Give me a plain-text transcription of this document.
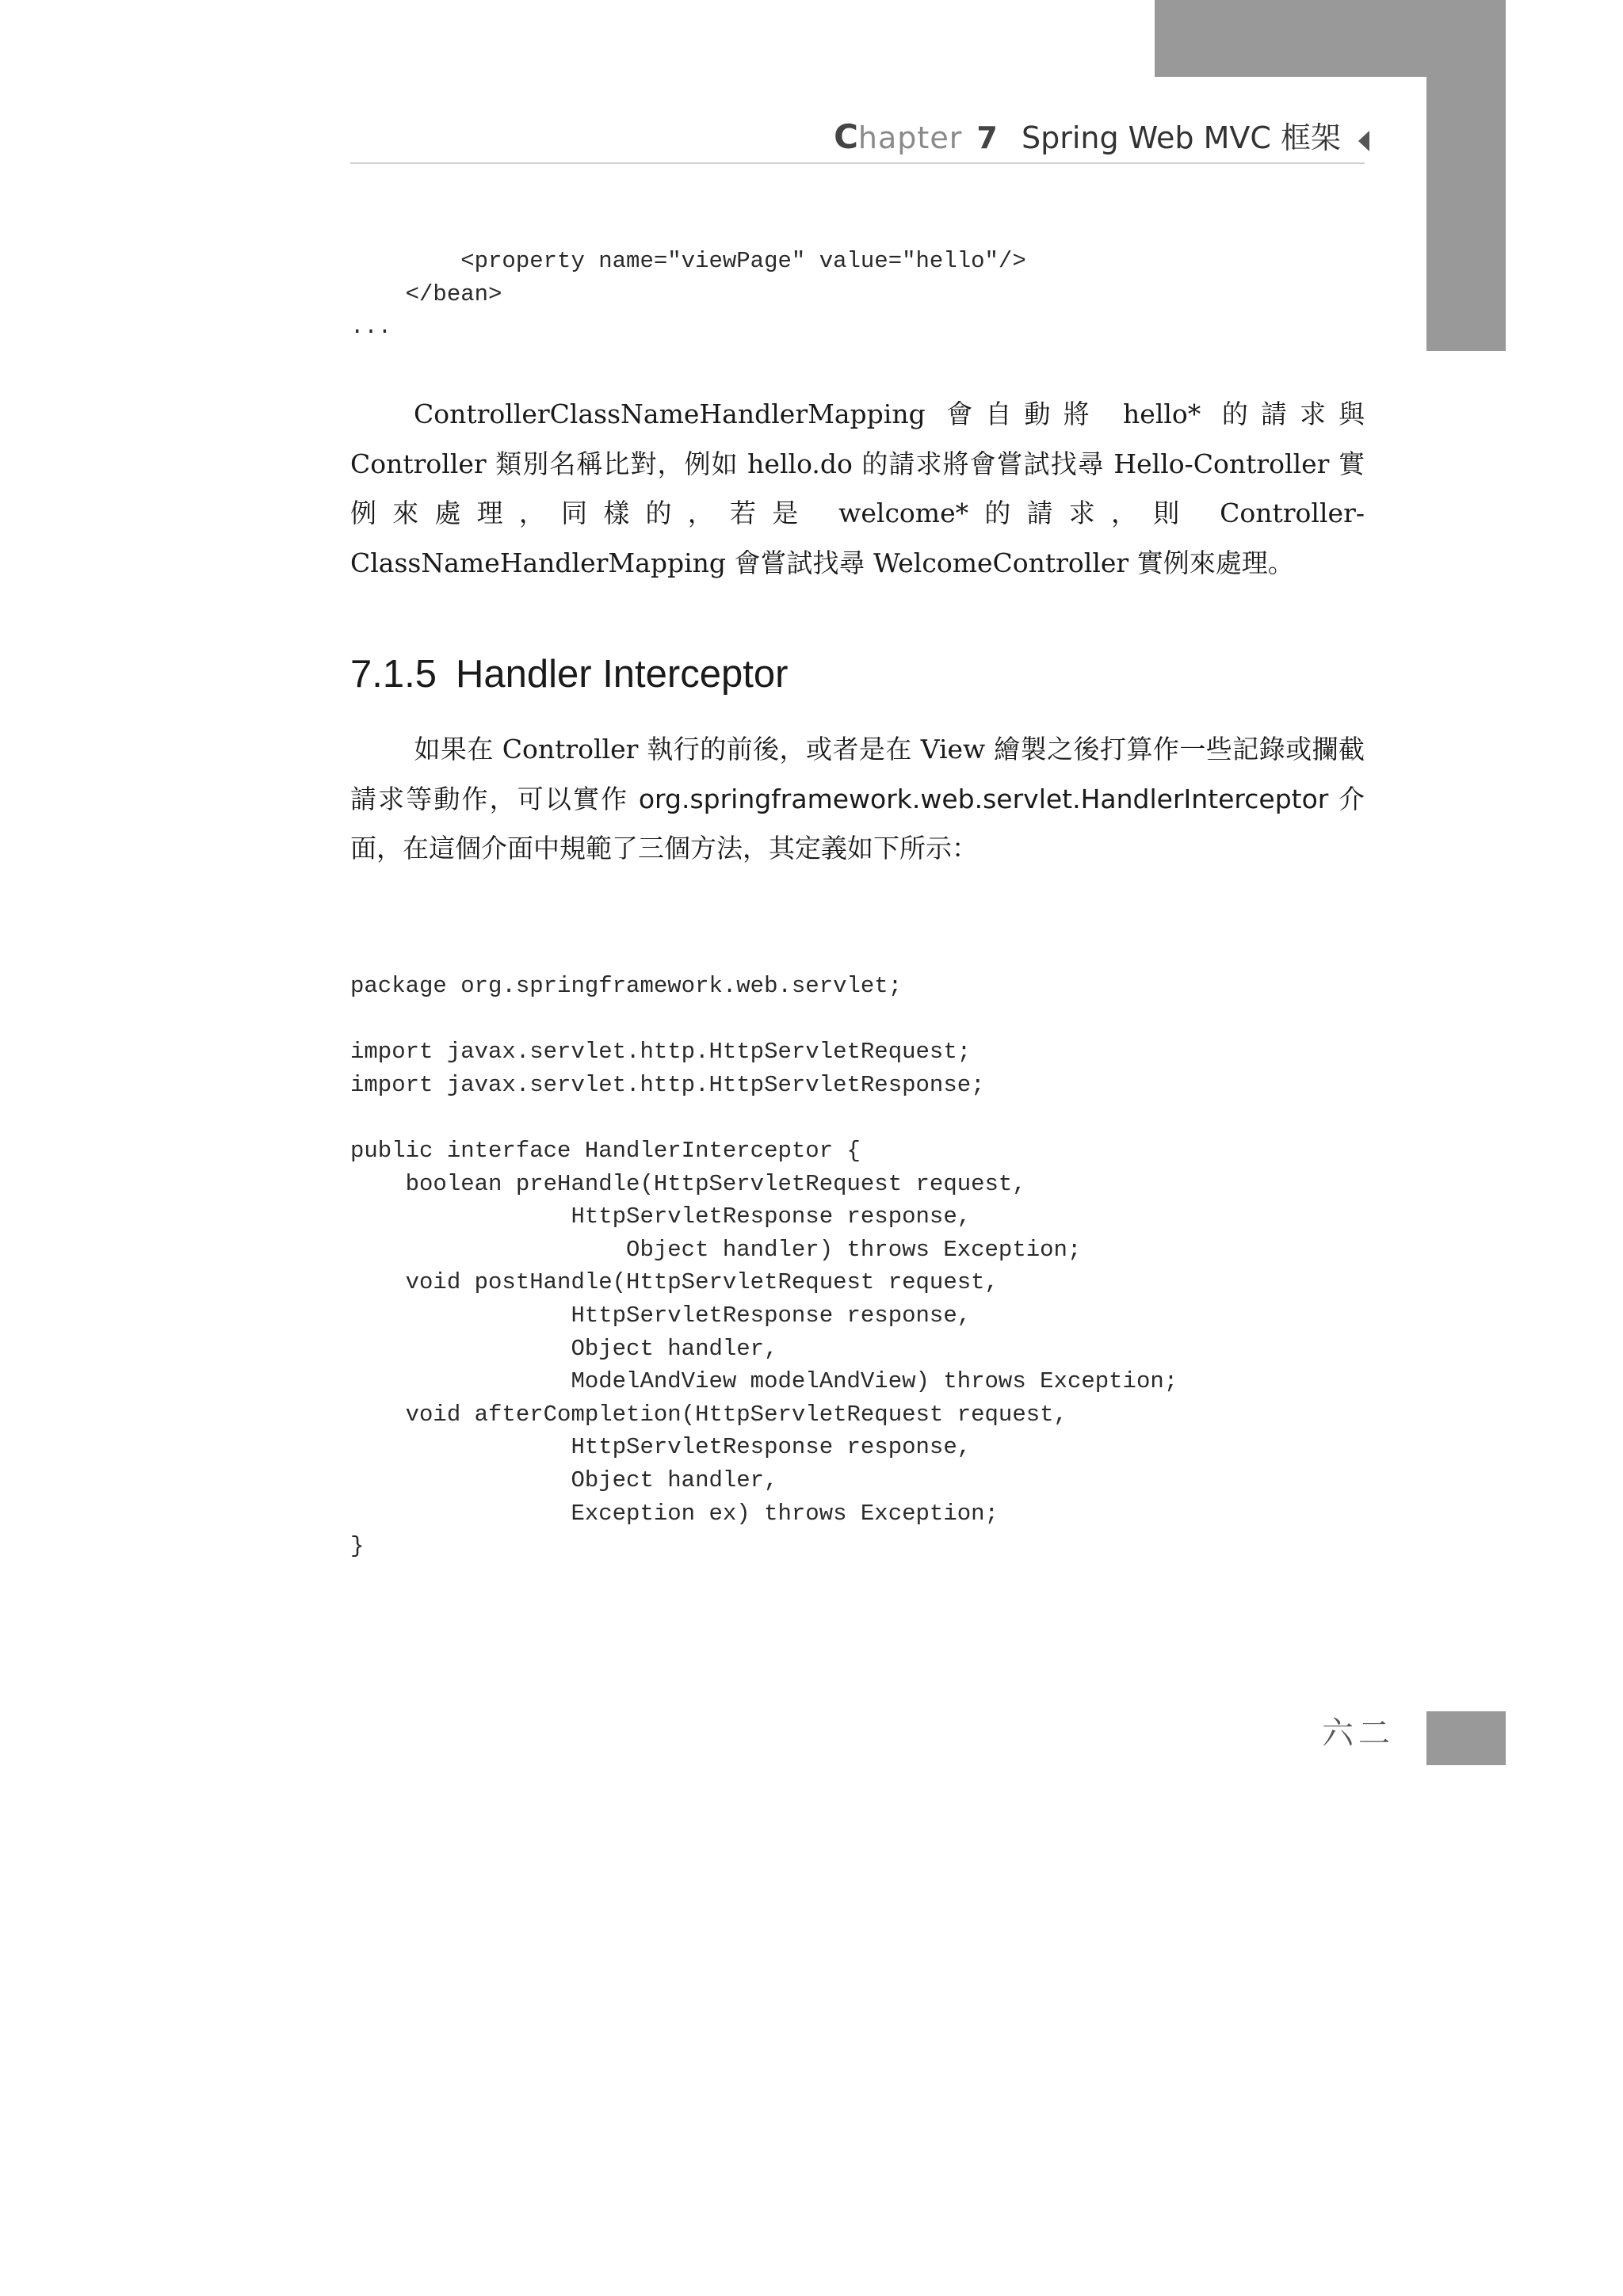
Chapter 7 Spring Web MVC 框架
<property name="viewPage" value="hello"/>
</bean>
...

ControllerClassNameHandlerMapping 會自動將 hello* 的請求與 Controller 類別名稱比對，例如 hello.do 的請求將會嘗試找尋 Hello-Controller 實例來處理，同樣的，若是 welcome*的請求，則 Controller-ClassNameHandlerMapping 會嘗試找尋 WelcomeController 實例來處理。

7.1.5 Handler Interceptor

如果在 Controller 執行的前後，或者是在 View 繪製之後打算作一些記錄或攔截請求等動作，可以實作 org.springframework.web.servlet.HandlerInterceptor 介面，在這個介面中規範了三個方法，其定義如下所示：

package org.springframework.web.servlet;

import javax.servlet.http.HttpServletRequest;
import javax.servlet.http.HttpServletResponse;

public interface HandlerInterceptor {
boolean preHandle(HttpServletRequest request,
HttpServletResponse response,
Object handler) throws Exception;
void postHandle(HttpServletRequest request,
HttpServletResponse response,
Object handler,
ModelAndView modelAndView) throws Exception;
void afterCompletion(HttpServletRequest request,
HttpServletResponse response,
Object handler,
Exception ex) throws Exception;
}
六二
